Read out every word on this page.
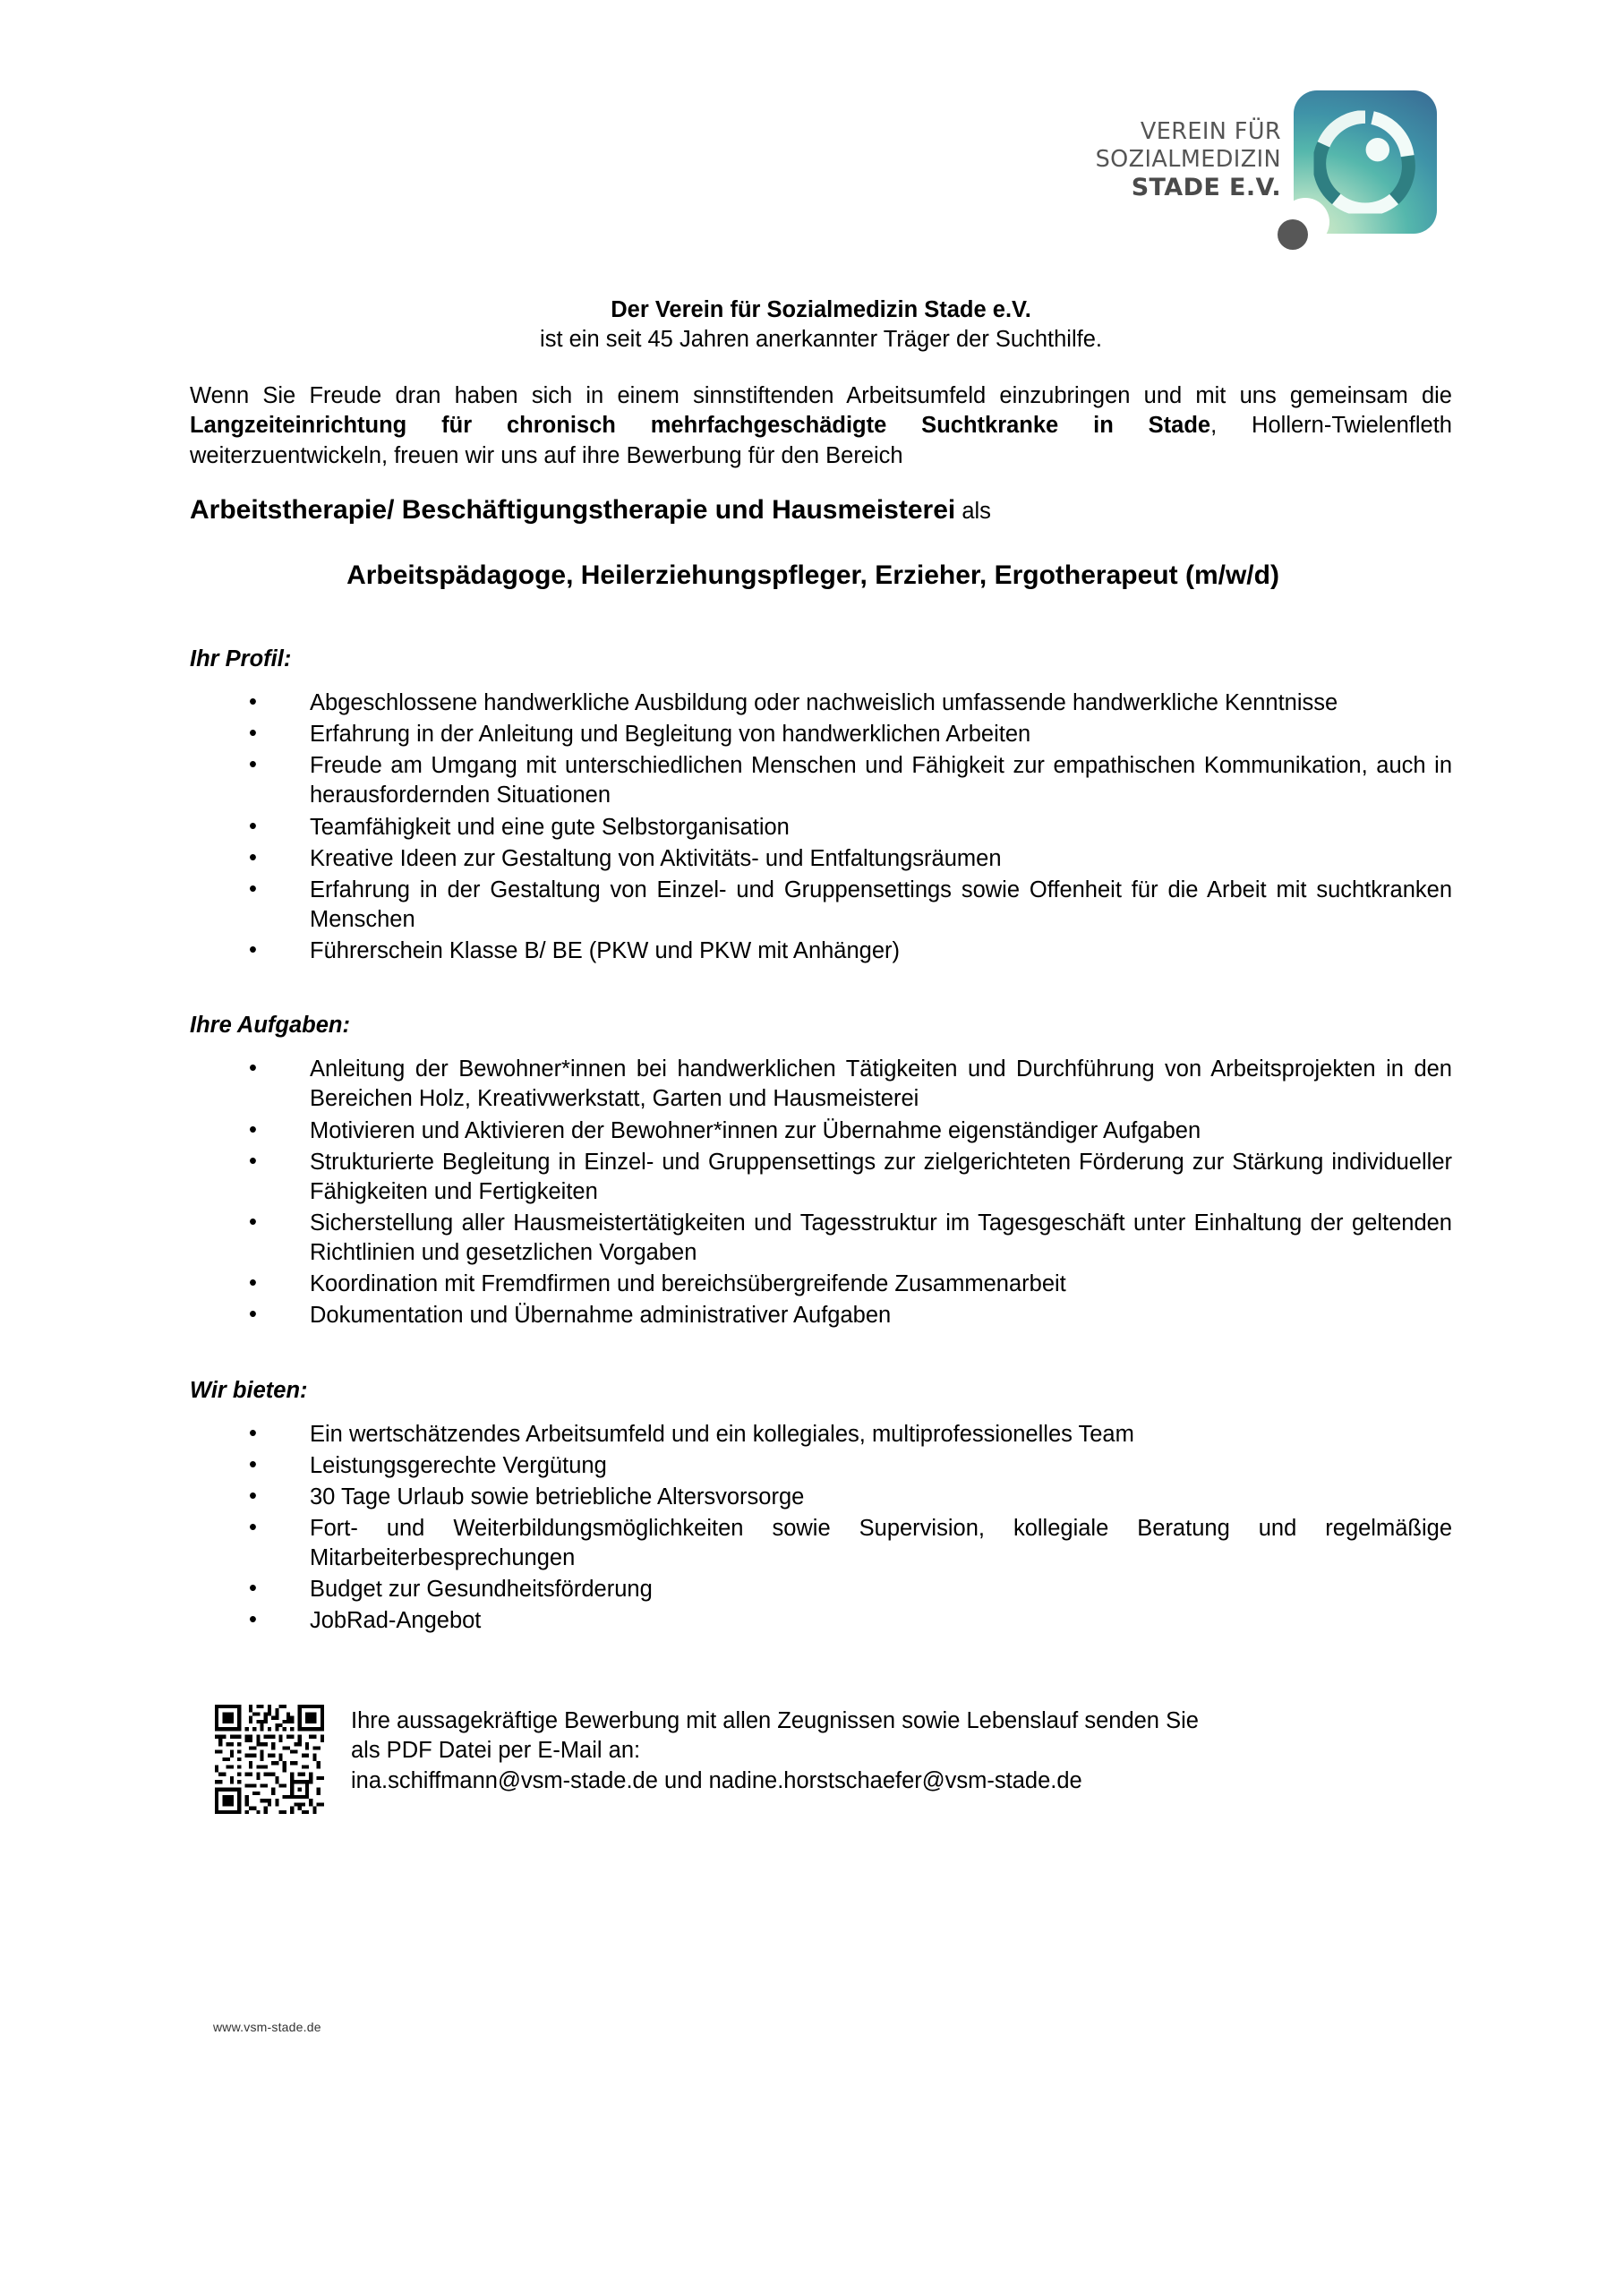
VEREIN FÜR
SOZIALMEDIZIN
STADE E.V.
Der Verein für Sozialmedizin Stade e.V.
ist ein seit 45 Jahren anerkannter Träger der Suchthilfe.

Wenn Sie Freude dran haben sich in einem sinnstiftenden Arbeitsumfeld einzubringen und mit uns gemeinsam die Langzeiteinrichtung für chronisch mehrfachgeschädigte Suchtkranke in Stade, Hollern-Twielenfleth weiterzuentwickeln, freuen wir uns auf ihre Bewerbung für den Bereich

Arbeitstherapie/ Beschäftigungstherapie und Hausmeisterei als
Arbeitspädagoge, Heilerziehungspfleger, Erzieher, Ergotherapeut (m/w/d)
Ihr Profil:
• Abgeschlossene handwerkliche Ausbildung oder nachweislich umfassende handwerkliche Kenntnisse
• Erfahrung in der Anleitung und Begleitung von handwerklichen Arbeiten
• Freude am Umgang mit unterschiedlichen Menschen und Fähigkeit zur empathischen Kommunikation, auch in herausfordernden Situationen
• Teamfähigkeit und eine gute Selbstorganisation
• Kreative Ideen zur Gestaltung von Aktivitäts- und Entfaltungsräumen
• Erfahrung in der Gestaltung von Einzel- und Gruppensettings sowie Offenheit für die Arbeit mit suchtkranken Menschen
• Führerschein Klasse B/ BE (PKW und PKW mit Anhänger)
Ihre Aufgaben:
• Anleitung der Bewohner*innen bei handwerklichen Tätigkeiten und Durchführung von Arbeitsprojekten in den Bereichen Holz, Kreativwerkstatt, Garten und Hausmeisterei
• Motivieren und Aktivieren der Bewohner*innen zur Übernahme eigenständiger Aufgaben
• Strukturierte Begleitung in Einzel- und Gruppensettings zur zielgerichteten Förderung zur Stärkung individueller Fähigkeiten und Fertigkeiten
• Sicherstellung aller Hausmeistertätigkeiten und Tagesstruktur im Tagesgeschäft unter Einhaltung der geltenden Richtlinien und gesetzlichen Vorgaben
• Koordination mit Fremdfirmen und bereichsübergreifende Zusammenarbeit
• Dokumentation und Übernahme administrativer Aufgaben
Wir bieten:
• Ein wertschätzendes Arbeitsumfeld und ein kollegiales, multiprofessionelles Team
• Leistungsgerechte Vergütung
• 30 Tage Urlaub sowie betriebliche Altersvorsorge
• Fort- und Weiterbildungsmöglichkeiten sowie Supervision, kollegiale Beratung und regelmäßige Mitarbeiterbesprechungen
• Budget zur Gesundheitsförderung
• JobRad-Angebot
Ihre aussagekräftige Bewerbung mit allen Zeugnissen sowie Lebenslauf senden Sie
als PDF Datei per E-Mail an:
ina.schiffmann@vsm-stade.de und nadine.horstschaefer@vsm-stade.de
www.vsm-stade.de
